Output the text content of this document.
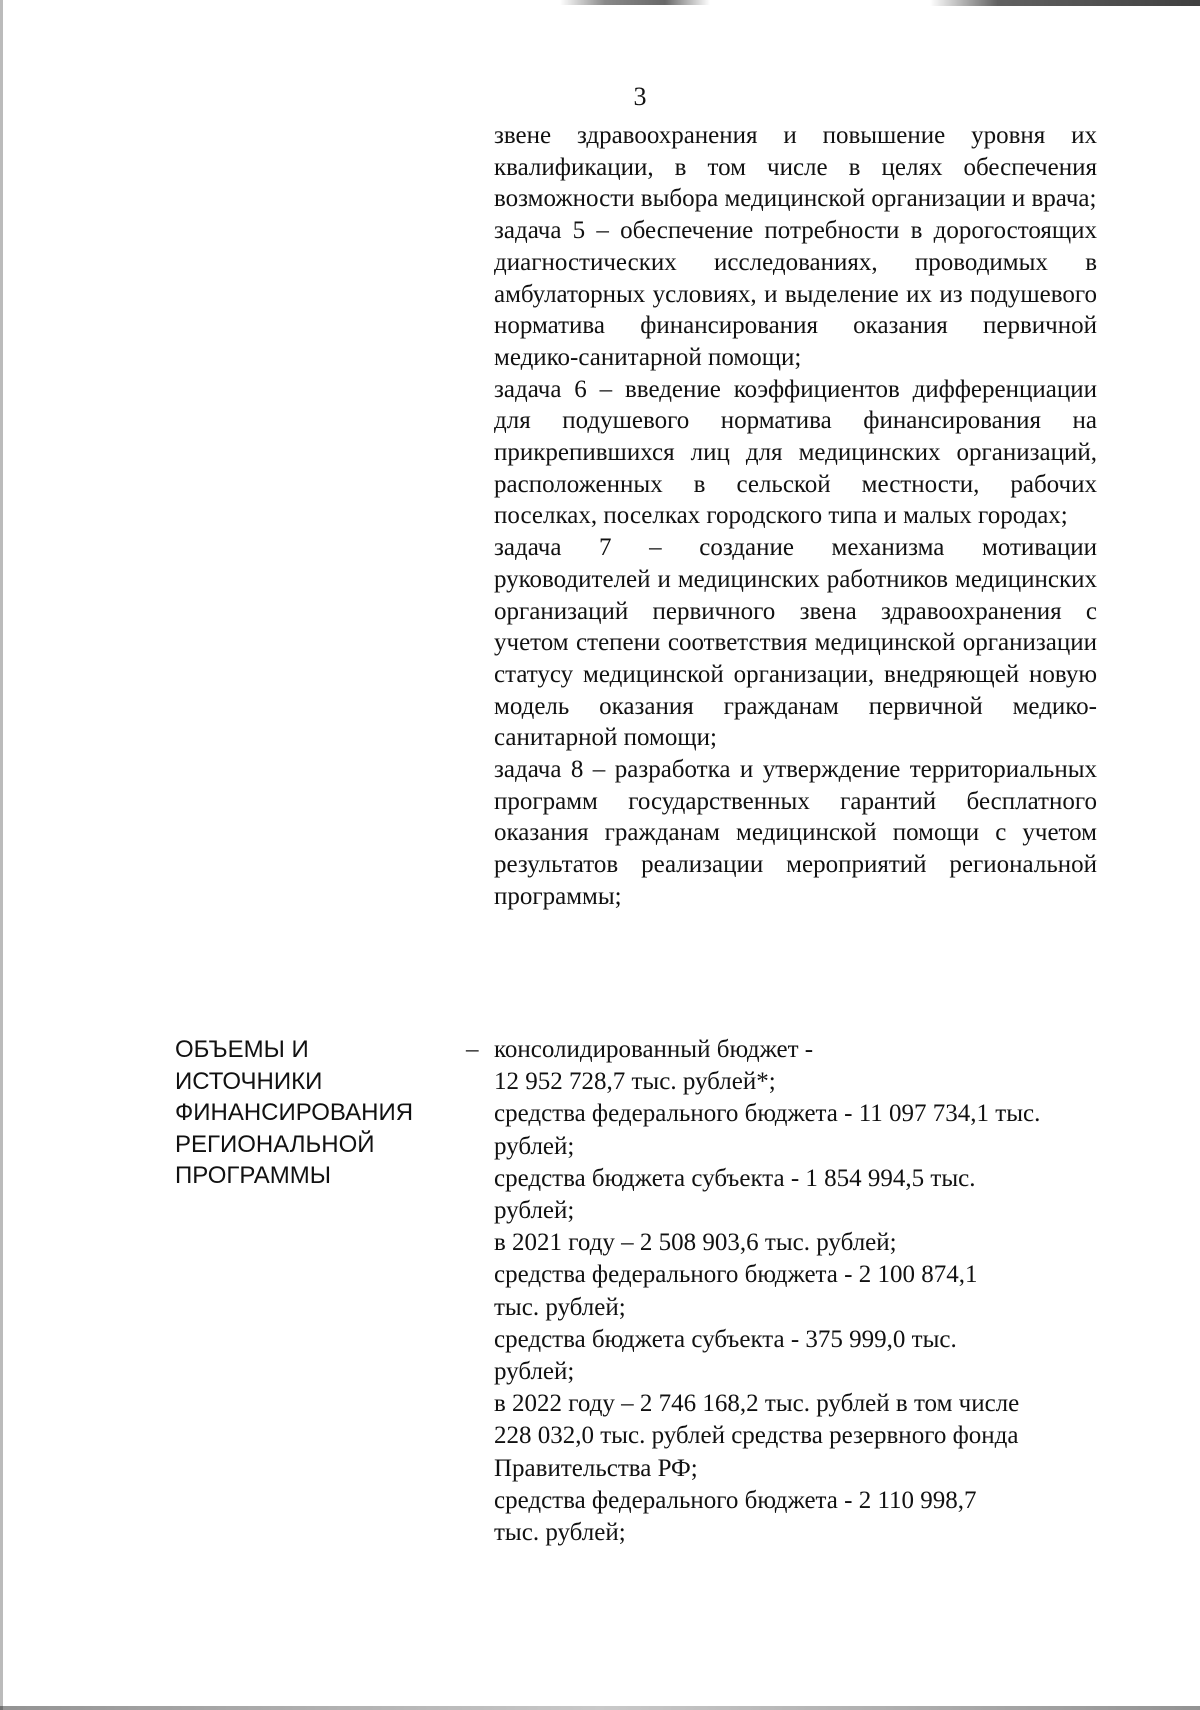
3

звене здравоохранения и повышение уровня их квалификации, в том числе в целях обеспечения возможности выбора медицинской организации и врача;

задача 5 – обеспечение потребности в дорогостоящих диагностических исследованиях, проводимых в амбулаторных условиях, и выделение их из подушевого норматива финансирования оказания первичной медико-санитарной помощи;

задача 6 – введение коэффициентов дифференциации для подушевого норматива финансирования на прикрепившихся лиц для медицинских организаций, расположенных в сельской местности, рабочих поселках, поселках городского типа и малых городах;

задача 7 – создание механизма мотивации руководителей и медицинских работников медицинских организаций первичного звена здравоохранения с учетом степени соответствия медицинской организации статусу медицинской организации, внедряющей новую модель оказания гражданам первичной медико-санитарной помощи;

задача 8 – разработка и утверждение территориальных программ государственных гарантий бесплатного оказания гражданам медицинской помощи с учетом результатов реализации мероприятий региональной программы;

ОБЪЕМЫ И
ИСТОЧНИКИ
ФИНАНСИРОВАНИЯ
РЕГИОНАЛЬНОЙ
ПРОГРАММЫ
– консолидированный бюджет -
12 952 728,7 тыс. рублей*;
средства федерального бюджета - 11 097 734,1 тыс.
рублей;
средства бюджета субъекта - 1 854 994,5 тыс.
рублей;
в 2021 году – 2 508 903,6 тыс. рублей;
средства федерального бюджета - 2 100 874,1
тыс. рублей;
средства бюджета субъекта - 375 999,0 тыс.
рублей;
в 2022 году – 2 746 168,2 тыс. рублей в том числе
228 032,0 тыс. рублей средства резервного фонда
Правительства РФ;
средства федерального бюджета - 2 110 998,7
тыс. рублей;
